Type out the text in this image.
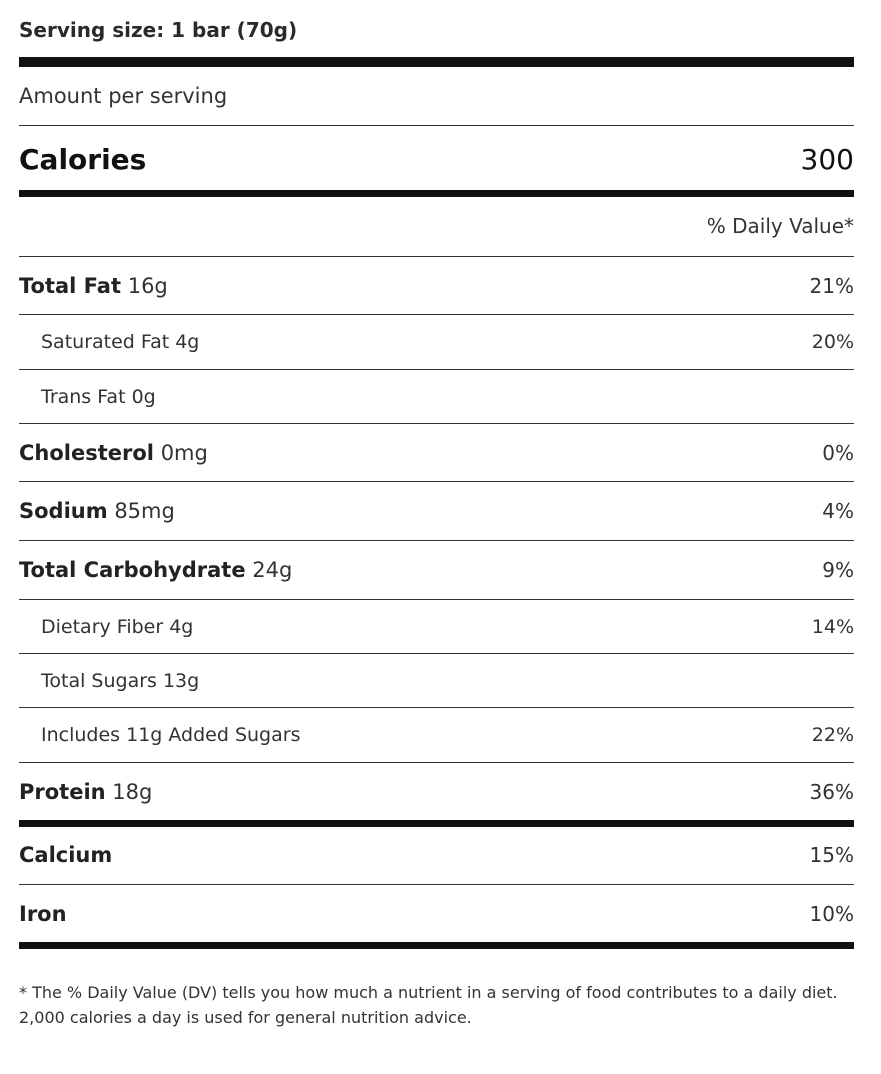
Serving size: 1 bar (70g)
Amount per serving
Calories	300
% Daily Value*
Total Fat 16g	21%
Saturated Fat 4g	20%
Trans Fat 0g
Cholesterol 0mg	0%
Sodium 85mg	4%
Total Carbohydrate 24g	9%
Dietary Fiber 4g	14%
Total Sugars 13g
Includes 11g Added Sugars	22%
Protein 18g	36%
Calcium	15%
Iron	10%
* The % Daily Value (DV) tells you how much a nutrient in a serving of food contributes to a daily diet.
2,000 calories a day is used for general nutrition advice.
